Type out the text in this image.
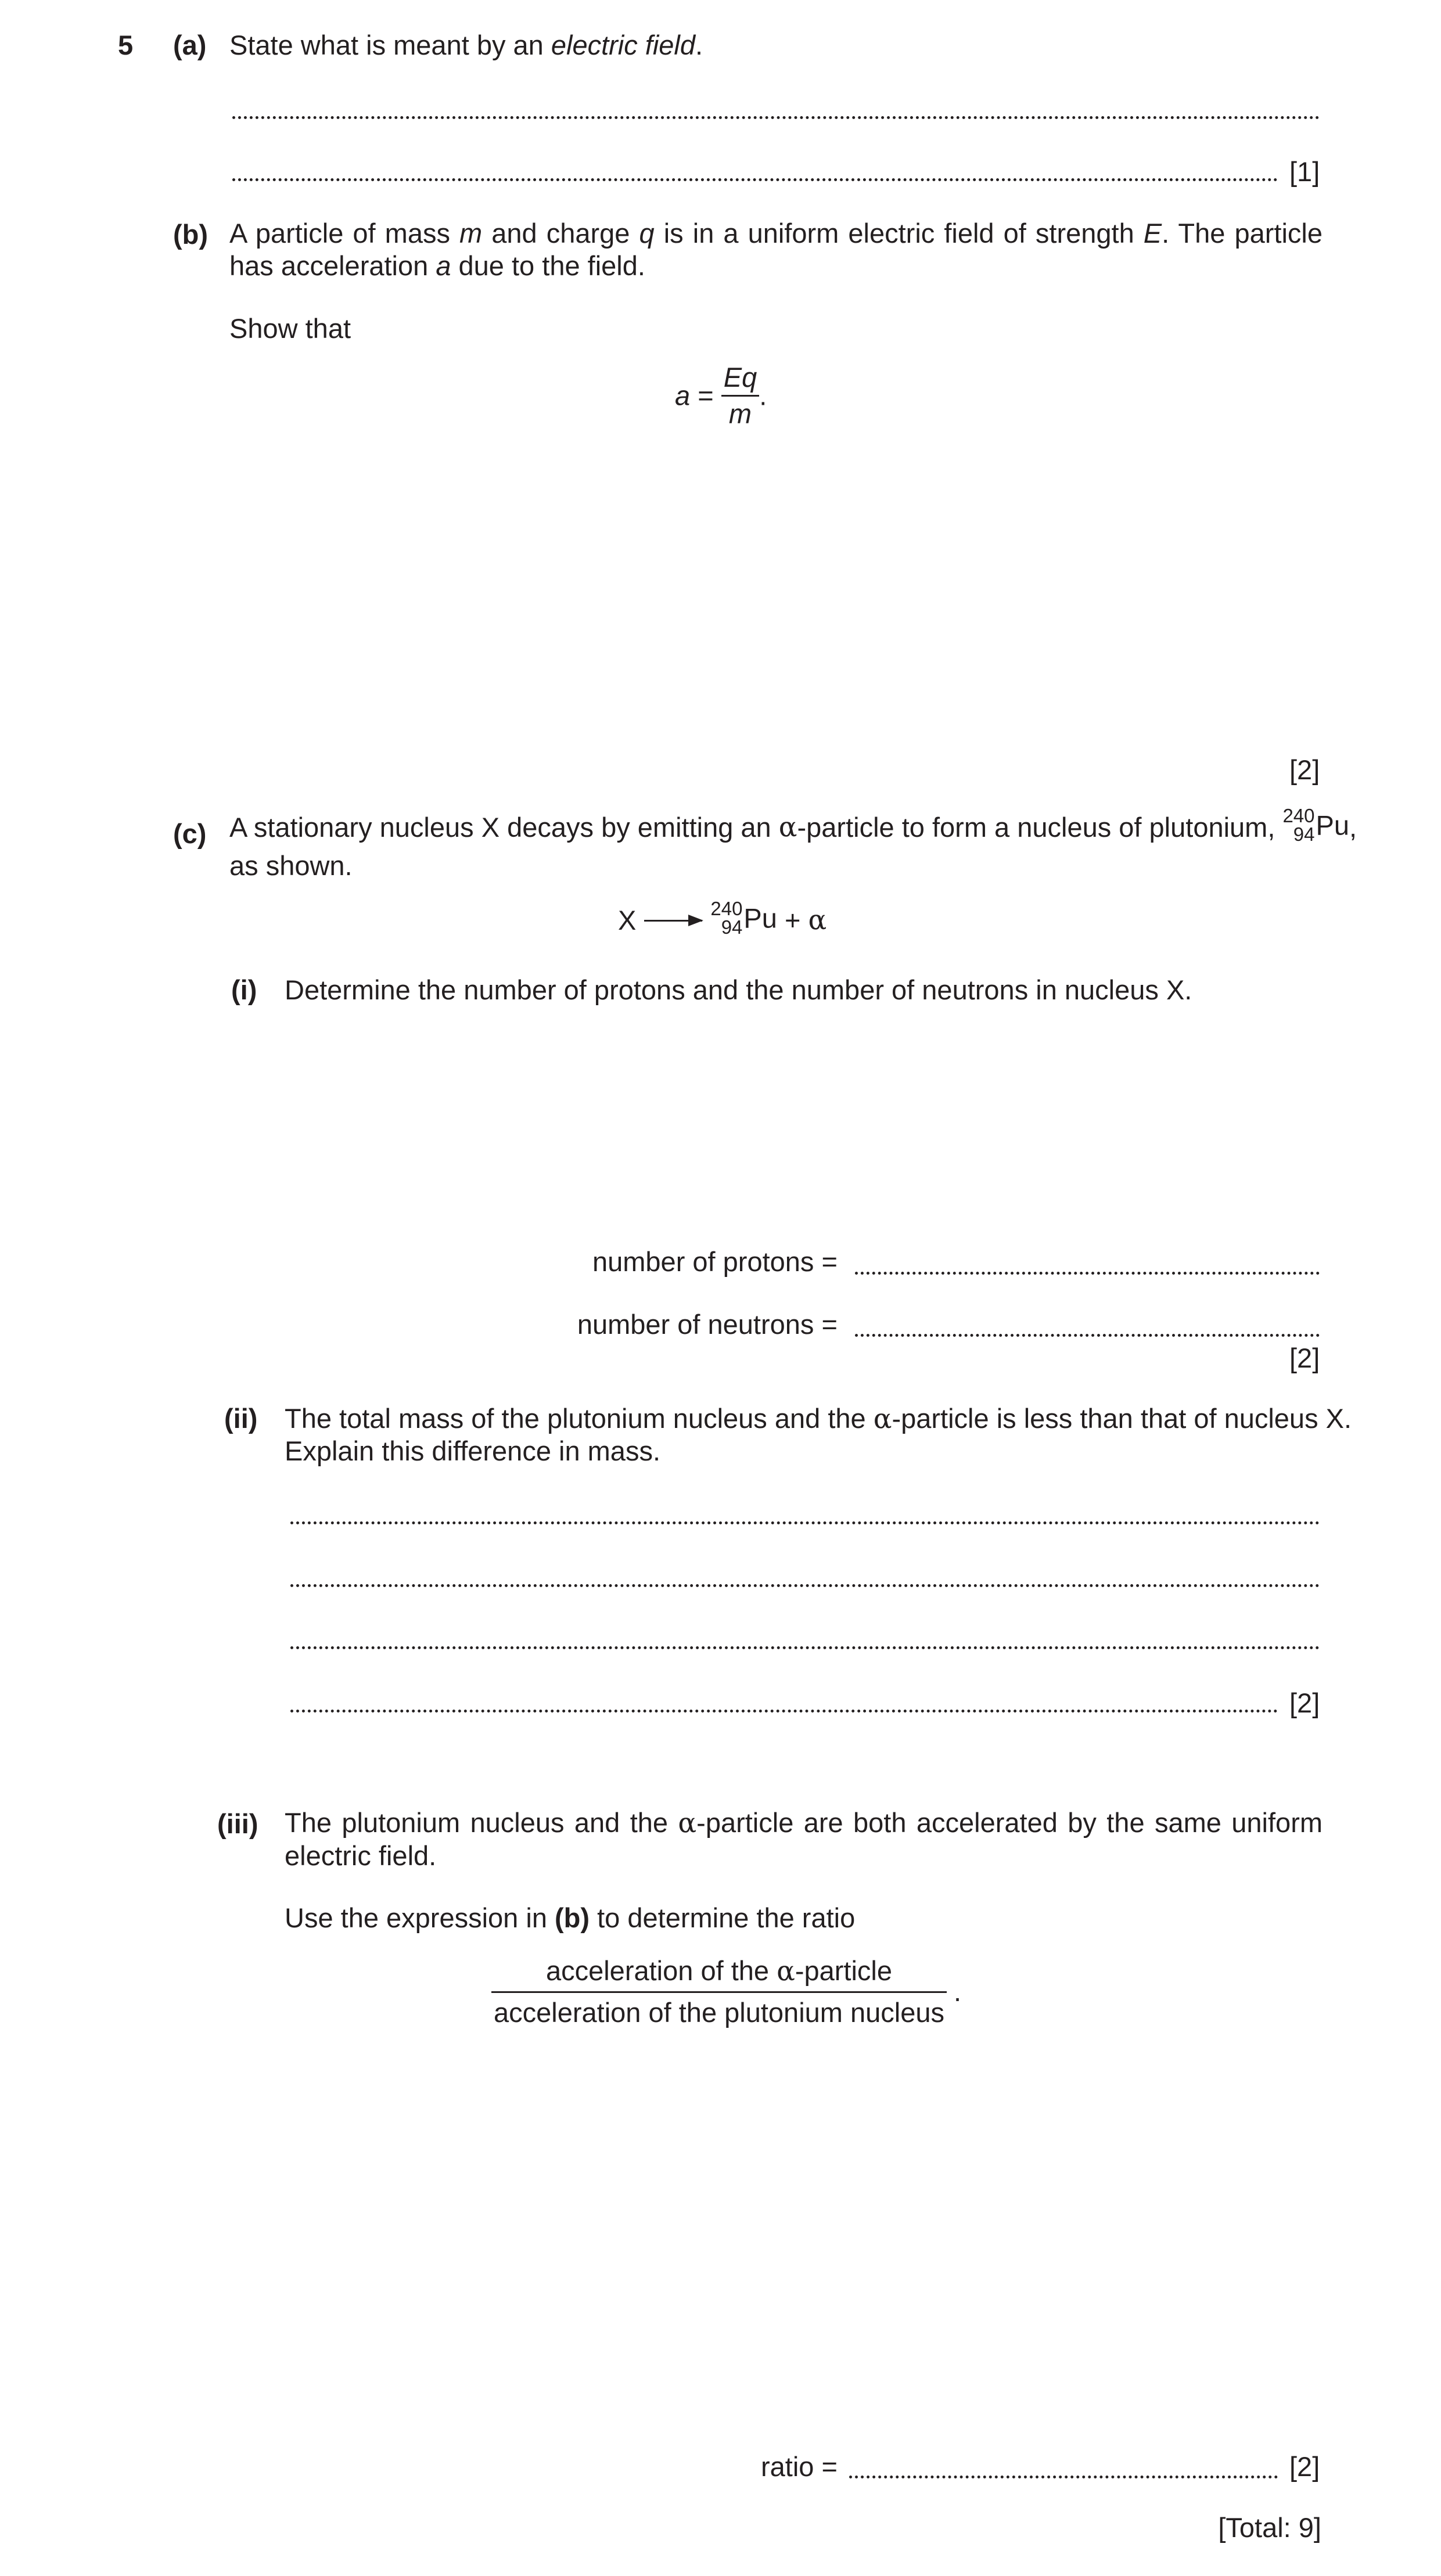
5 (a) State what is meant by an electric field.
[1]
(b) A particle of mass m and charge q is in a uniform electric field of strength E. The particle has acceleration a due to the field.
Show that
$a = \frac{Eq}{m}$ .
[2]
(c) A stationary nucleus X decays by emitting an α-particle to form a nucleus of plutonium, 240
94 Pu,
as shown.
X	240
94 Pu + α
(i) Determine the number of protons and the number of neutrons in nucleus X.
number of protons =
number of neutrons =
[2]
(ii) The total mass of the plutonium nucleus and the α-particle is less than that of nucleus X.
Explain this difference in mass.
[2]
(iii) The plutonium nucleus and the α-particle are both accelerated by the same uniform electric field.
Use the expression in (b) to determine the ratio
$\frac{\text{acceleration of the α-particle}}{\text{acceleration of the plutonium nucleus}}$ .
ratio =	[2]
[Total: 9]
